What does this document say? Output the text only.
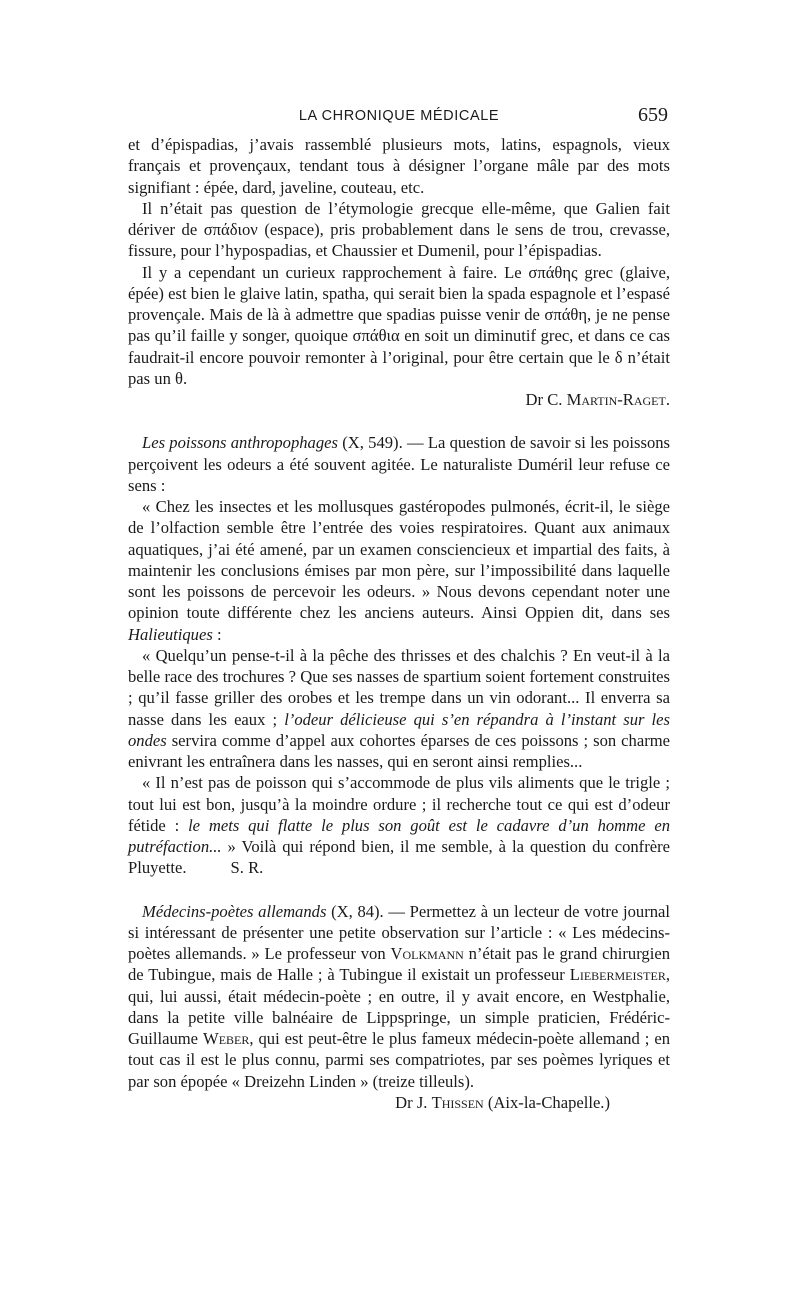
LA CHRONIQUE MÉDICALE	659

et d’épispadias, j’avais rassemblé plusieurs mots, latins, espagnols, vieux français et provençaux, tendant tous à désigner l’organe mâle par des mots signifiant : épée, dard, javeline, couteau, etc.

Il n’était pas question de l’étymologie grecque elle-même, que Galien fait dériver de σπάδιον (espace), pris probablement dans le sens de trou, crevasse, fissure, pour l’hypospadias, et Chaussier et Dumenil, pour l’épispadias.

Il y a cependant un curieux rapprochement à faire. Le σπάθης grec (glaive, épée) est bien le glaive latin, spatha, qui serait bien la spada espagnole et l’espasé provençale. Mais de là à admettre que spadias puisse venir de σπάθη, je ne pense pas qu’il faille y songer, quoique σπάθια en soit un diminutif grec, et dans ce cas faudrait-il encore pouvoir remonter à l’original, pour être certain que le δ n’était pas un θ.

Dr C. Martin-Raget.

Les poissons anthropophages (X, 549). — La question de savoir si les poissons perçoivent les odeurs a été souvent agitée. Le naturaliste Duméril leur refuse ce sens :

« Chez les insectes et les mollusques gastéropodes pulmonés, écrit-il, le siège de l’olfaction semble être l’entrée des voies respiratoires. Quant aux animaux aquatiques, j’ai été amené, par un examen consciencieux et impartial des faits, à maintenir les conclusions émises par mon père, sur l’impossibilité dans laquelle sont les poissons de percevoir les odeurs. » Nous devons cependant noter une opinion toute différente chez les anciens auteurs. Ainsi Oppien dit, dans ses Halieutiques :

« Quelqu’un pense-t-il à la pêche des thrisses et des chalchis ? En veut-il à la belle race des trochures ? Que ses nasses de spartium soient fortement construites ; qu’il fasse griller des orobes et les trempe dans un vin odorant... Il enverra sa nasse dans les eaux ; l’odeur délicieuse qui s’en répandra à l’instant sur les ondes servira comme d’appel aux cohortes éparses de ces poissons ; son charme enivrant les entraînera dans les nasses, qui en seront ainsi remplies...

« Il n’est pas de poisson qui s’accommode de plus vils aliments que le trigle ; tout lui est bon, jusqu’à la moindre ordure ; il recherche tout ce qui est d’odeur fétide : le mets qui flatte le plus son goût est le cadavre d’un homme en putréfaction... » Voilà qui répond bien, il me semble, à la question du confrère Pluyette.	S. R.

Médecins-poètes allemands (X, 84). — Permettez à un lecteur de votre journal si intéressant de présenter une petite observation sur l’article : « Les médecins-poètes allemands. » Le professeur von Volkmann n’était pas le grand chirurgien de Tubingue, mais de Halle ; à Tubingue il existait un professeur Liebermeister, qui, lui aussi, était médecin-poète ; en outre, il y avait encore, en Westphalie, dans la petite ville balnéaire de Lippspringe, un simple praticien, Frédéric-Guillaume Weber, qui est peut-être le plus fameux médecin-poète allemand ; en tout cas il est le plus connu, parmi ses compatriotes, par ses poèmes lyriques et par son épopée « Dreizehn Linden » (treize tilleuls).

Dr J. Thissen (Aix-la-Chapelle.)
